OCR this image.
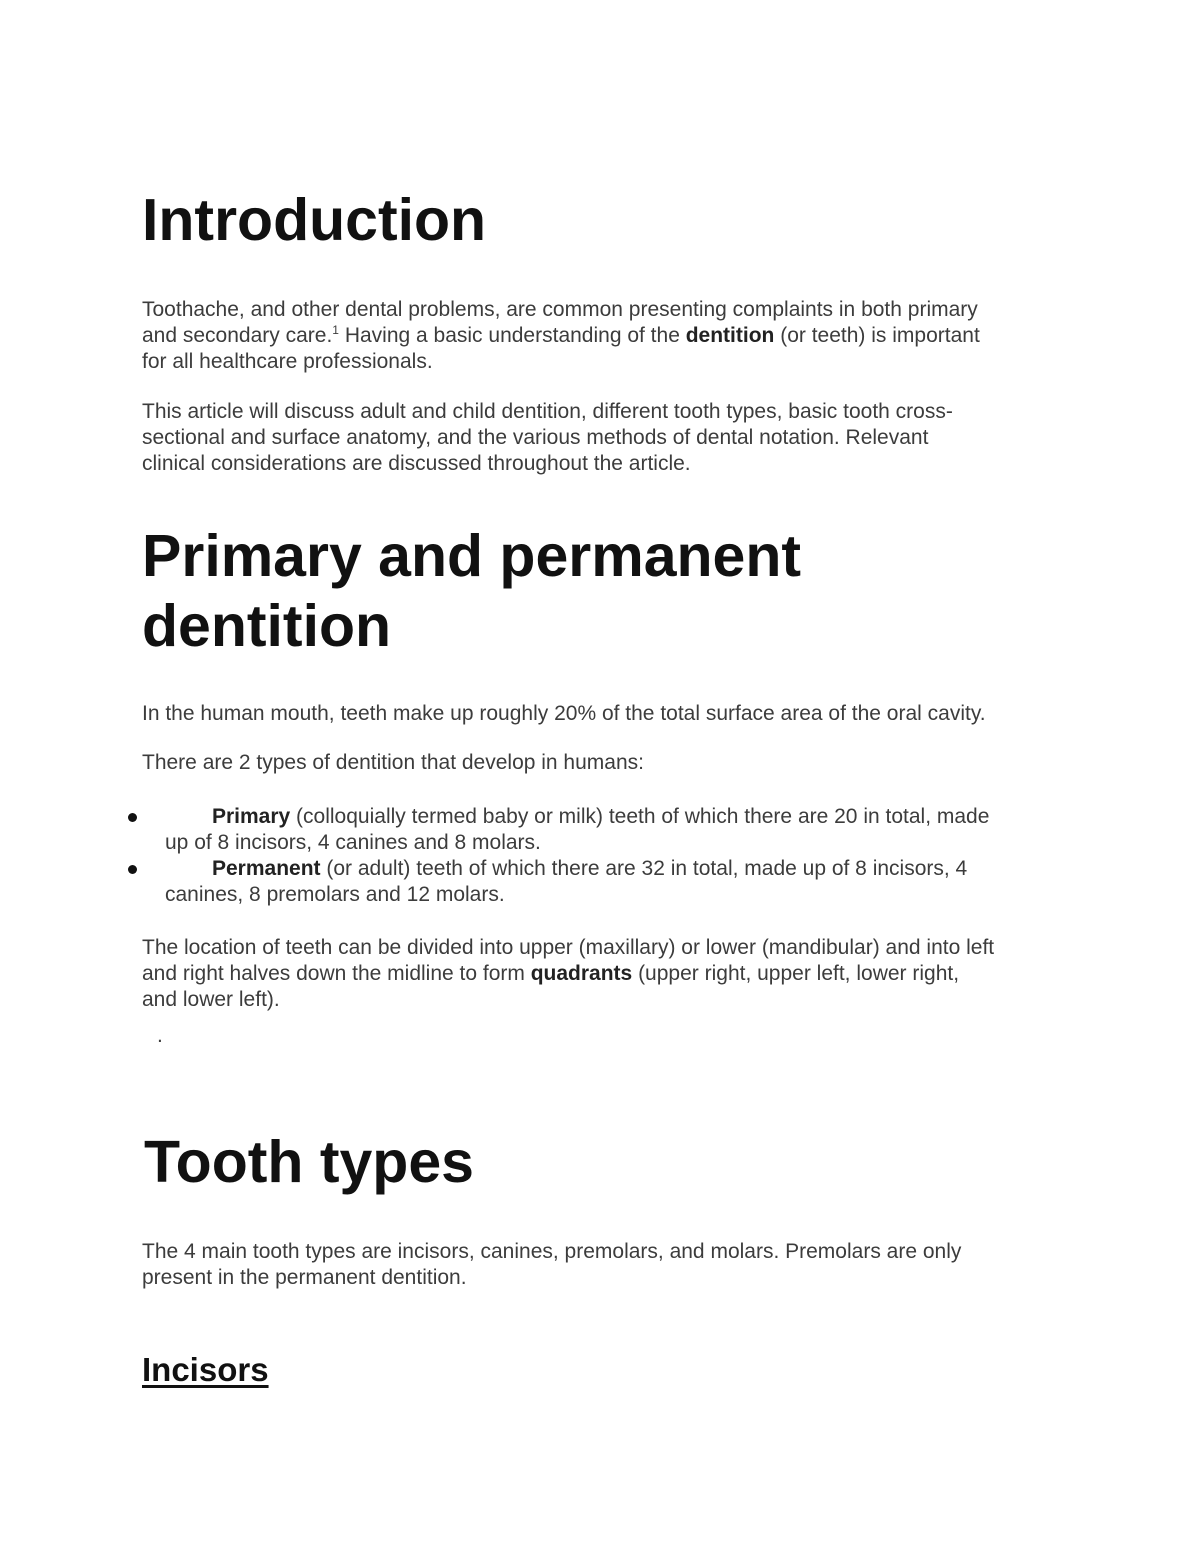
Introduction

Toothache, and other dental problems, are common presenting complaints in both primary
and secondary care.$^1$ Having a basic understanding of the dentition (or teeth) is important
for all healthcare professionals.

This article will discuss adult and child dentition, different tooth types, basic tooth cross-
sectional and surface anatomy, and the various methods of dental notation. Relevant
clinical considerations are discussed throughout the article.

Primary and permanent
dentition

In the human mouth, teeth make up roughly 20% of the total surface area of the oral cavity.

There are 2 types of dentition that develop in humans:

Primary (colloquially termed baby or milk) teeth of which there are 20 in total, made
up of 8 incisors, 4 canines and 8 molars.

Permanent (or adult) teeth of which there are 32 in total, made up of 8 incisors, 4
canines, 8 premolars and 12 molars.

The location of teeth can be divided into upper (maxillary) or lower (mandibular) and into left
and right halves down the midline to form quadrants (upper right, upper left, lower right,
and lower left).

.
Tooth types

The 4 main tooth types are incisors, canines, premolars, and molars. Premolars are only
present in the permanent dentition.

Incisors
